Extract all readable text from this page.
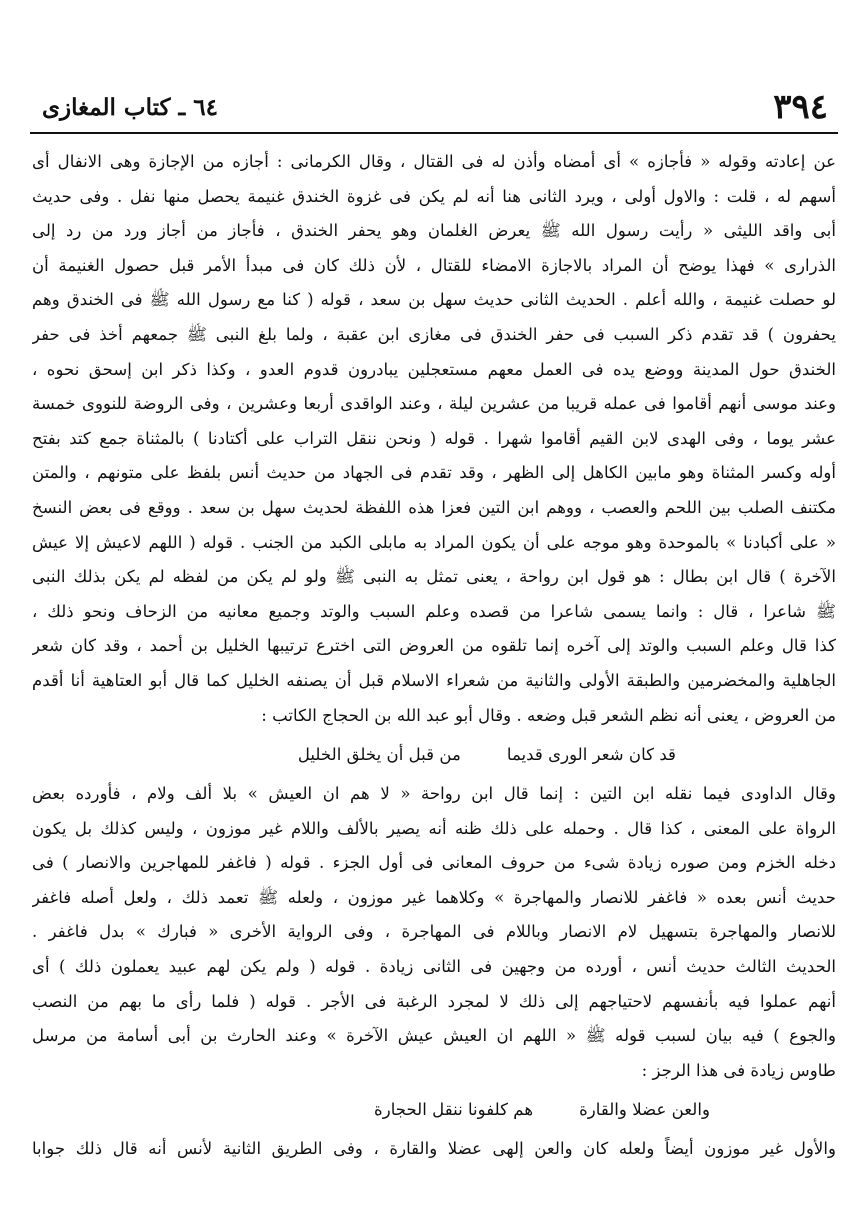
٣٩٤
٦٤ ـ كتاب المغازى
عن إعادته وقوله « فأجازه » أى أمضاه وأذن له فى القتال ، وقال الكرمانى : أجازه من الإجازة وهى الانفال أى
أسهم له ، قلت : والاول أولى ، ويرد الثانى هنا أنه لم يكن فى غزوة الخندق غنيمة يحصل منها نفل . وفى حديث
أبى واقد الليثى « رأيت رسول الله ﷺ يعرض الغلمان وهو يحفر الخندق ، فأجاز من أجاز ورد من رد إلى
الذرارى » فهذا يوضح أن المراد بالاجازة الامضاء للقتال ، لأن ذلك كان فى مبدأ الأمر قبل حصول الغنيمة أن
لو حصلت غنيمة ، والله أعلم . الحديث الثانى حديث سهل بن سعد ، قوله ( كنا مع رسول الله ﷺ فى الخندق وهم
يحفرون ) قد تقدم ذكر السبب فى حفر الخندق فى مغازى ابن عقبة ، ولما بلغ النبى ﷺ جمعهم أخذ فى حفر
الخندق حول المدينة ووضع يده فى العمل معهم مستعجلين يبادرون قدوم العدو ، وكذا ذكر ابن إسحق نحوه ،
وعند موسى أنهم أقاموا فى عمله قريبا من عشرين ليلة ، وعند الواقدى أربعا وعشرين ، وفى الروضة للنووى خمسة
عشر يوما ، وفى الهدى لابن القيم أقاموا شهرا . قوله ( ونحن ننقل التراب على أكتادنا ) بالمثناة جمع كتد بفتح
أوله وكسر المثناة وهو مابين الكاهل إلى الظهر ، وقد تقدم فى الجهاد من حديث أنس بلفظ على متونهم ، والمتن
مكتنف الصلب بين اللحم والعصب ، ووهم ابن التين فعزا هذه اللفظة لحديث سهل بن سعد . ووقع فى بعض النسخ
« على أكبادنا » بالموحدة وهو موجه على أن يكون المراد به مابلى الكبد من الجنب . قوله ( اللهم لاعيش إلا عيش
الآخرة ) قال ابن بطال : هو قول ابن رواحة ، يعنى تمثل به النبى ﷺ ولو لم يكن من لفظه لم يكن بذلك النبى
ﷺ شاعرا ، قال : وانما يسمى شاعرا من قصده وعلم السبب والوتد وجميع معانيه من الزحاف ونحو ذلك ،
كذا قال وعلم السبب والوتد إلى آخره إنما تلقوه من العروض التى اخترع ترتيبها الخليل بن أحمد ، وقد كان شعر
الجاهلية والمخضرمين والطبقة الأولى والثانية من شعراء الاسلام قبل أن يصنفه الخليل كما قال أبو العتاهية أنا أقدم
من العروض ، يعنى أنه نظم الشعر قبل وضعه . وقال أبو عبد الله بن الحجاج الكاتب :
قد كان شعر الورى قديمامن قبل أن يخلق الخليل
وقال الداودى فيما نقله ابن التين : إنما قال ابن رواحة « لا هم ان العيش » بلا ألف ولام ، فأورده بعض
الرواة على المعنى ، كذا قال . وحمله على ذلك ظنه أنه يصير بالألف واللام غير موزون ، وليس كذلك بل يكون
دخله الخزم ومن صوره زيادة شىء من حروف المعانى فى أول الجزء . قوله ( فاغفر للمهاجرين والانصار ) فى
حديث أنس بعده « فاغفر للانصار والمهاجرة » وكلاهما غير موزون ، ولعله ﷺ تعمد ذلك ، ولعل أصله فاغفر
للانصار والمهاجرة بتسهيل لام الانصار وباللام فى المهاجرة ، وفى الرواية الأخرى « فبارك » بدل فاغفر .
الحديث الثالث حديث أنس ، أورده من وجهين فى الثانى زيادة . قوله ( ولم يكن لهم عبيد يعملون ذلك ) أى
أنهم عملوا فيه بأنفسهم لاحتياجهم إلى ذلك لا لمجرد الرغبة فى الأجر . قوله ( فلما رأى ما بهم من النصب
والجوع ) فيه بيان لسبب قوله ﷺ « اللهم ان العيش عيش الآخرة » وعند الحارث بن أبى أسامة من مرسل
طاوس زيادة فى هذا الرجز :
والعن عضلا والقارةهم كلفونا ننقل الحجارة
والأول غير موزون أيضاً ولعله كان والعن إلهى عضلا والقارة ، وفى الطريق الثانية لأنس أنه قال ذلك جوابا
